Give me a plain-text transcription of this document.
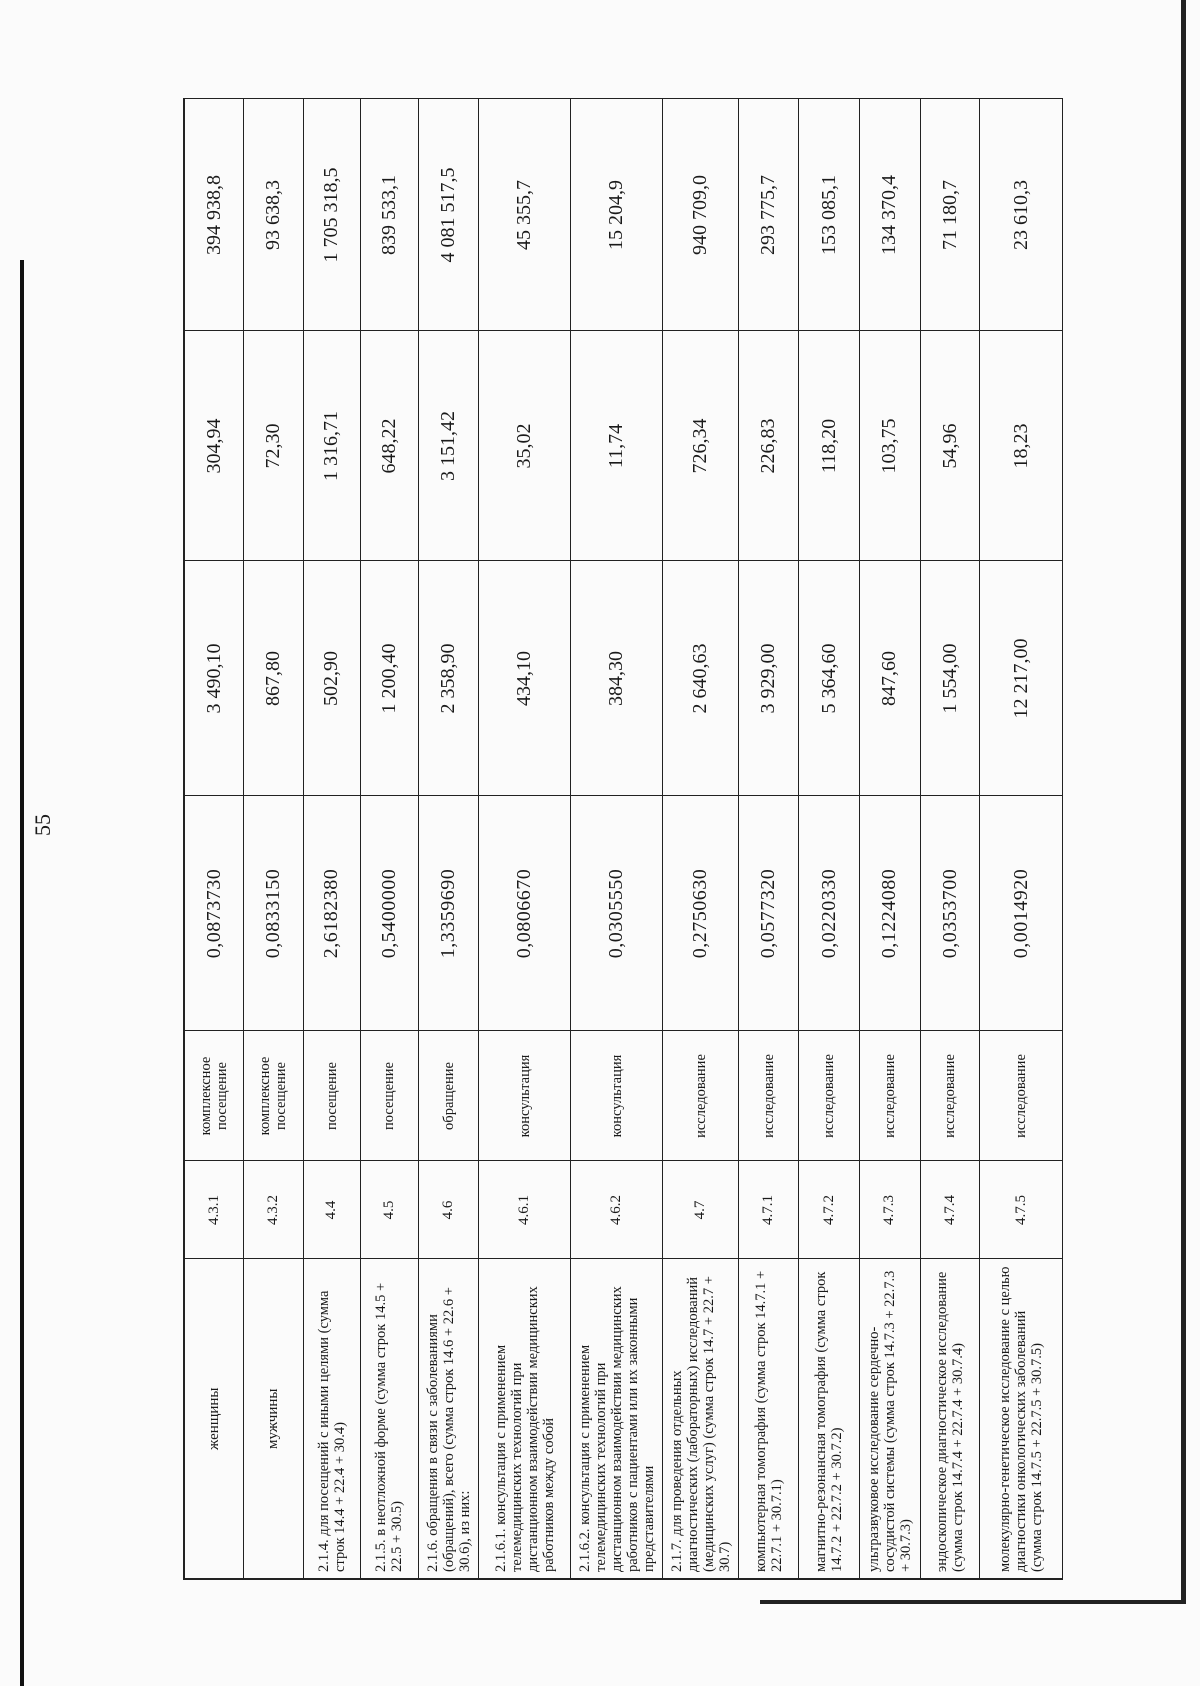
55
женщины	4.3.1	комплексное посещение	0,0873730	3 490,10	304,94	394 938,8
мужчины	4.3.2	комплексное посещение	0,0833150	867,80	72,30	93 638,3
2.1.4. для посещений с иными целями (сумма строк 14.4 + 22.4 + 30.4)	4.4	посещение	2,6182380	502,90	1 316,71	1 705 318,5
2.1.5. в неотложной форме (сумма строк 14.5 + 22.5 + 30.5)	4.5	посещение	0,5400000	1 200,40	648,22	839 533,1
2.1.6. обращения в связи с заболеваниями (обращений), всего (сумма строк 14.6 + 22.6 + 30.6), из них:	4.6	обращение	1,3359690	2 358,90	3 151,42	4 081 517,5
2.1.6.1. консультация с применением телемедицинских технологий при дистанционном взаимодействии медицинских работников между собой	4.6.1	консультация	0,0806670	434,10	35,02	45 355,7
2.1.6.2. консультация с применением телемедицинских технологий при дистанционном взаимодействии медицинских работников с пациентами или их законными представителями	4.6.2	консультация	0,0305550	384,30	11,74	15 204,9
2.1.7. для проведения отдельных диагностических (лабораторных) исследований (медицинских услуг) (сумма строк 14.7 + 22.7 + 30.7)	4.7	исследование	0,2750630	2 640,63	726,34	940 709,0
компьютерная томография (сумма строк 14.7.1 + 22.7.1 + 30.7.1)	4.7.1	исследование	0,0577320	3 929,00	226,83	293 775,7
магнитно-резонансная томография (сумма строк 14.7.2 + 22.7.2 + 30.7.2)	4.7.2	исследование	0,0220330	5 364,60	118,20	153 085,1
ультразвуковое исследование сердечно-сосудистой системы (сумма строк 14.7.3 + 22.7.3 + 30.7.3)	4.7.3	исследование	0,1224080	847,60	103,75	134 370,4
эндоскопическое диагностическое исследование (сумма строк 14.7.4 + 22.7.4 + 30.7.4)	4.7.4	исследование	0,0353700	1 554,00	54,96	71 180,7
молекулярно-генетическое исследование с целью диагностики онкологических заболеваний (сумма строк 14.7.5 + 22.7.5 + 30.7.5)	4.7.5	исследование	0,0014920	12 217,00	18,23	23 610,3
